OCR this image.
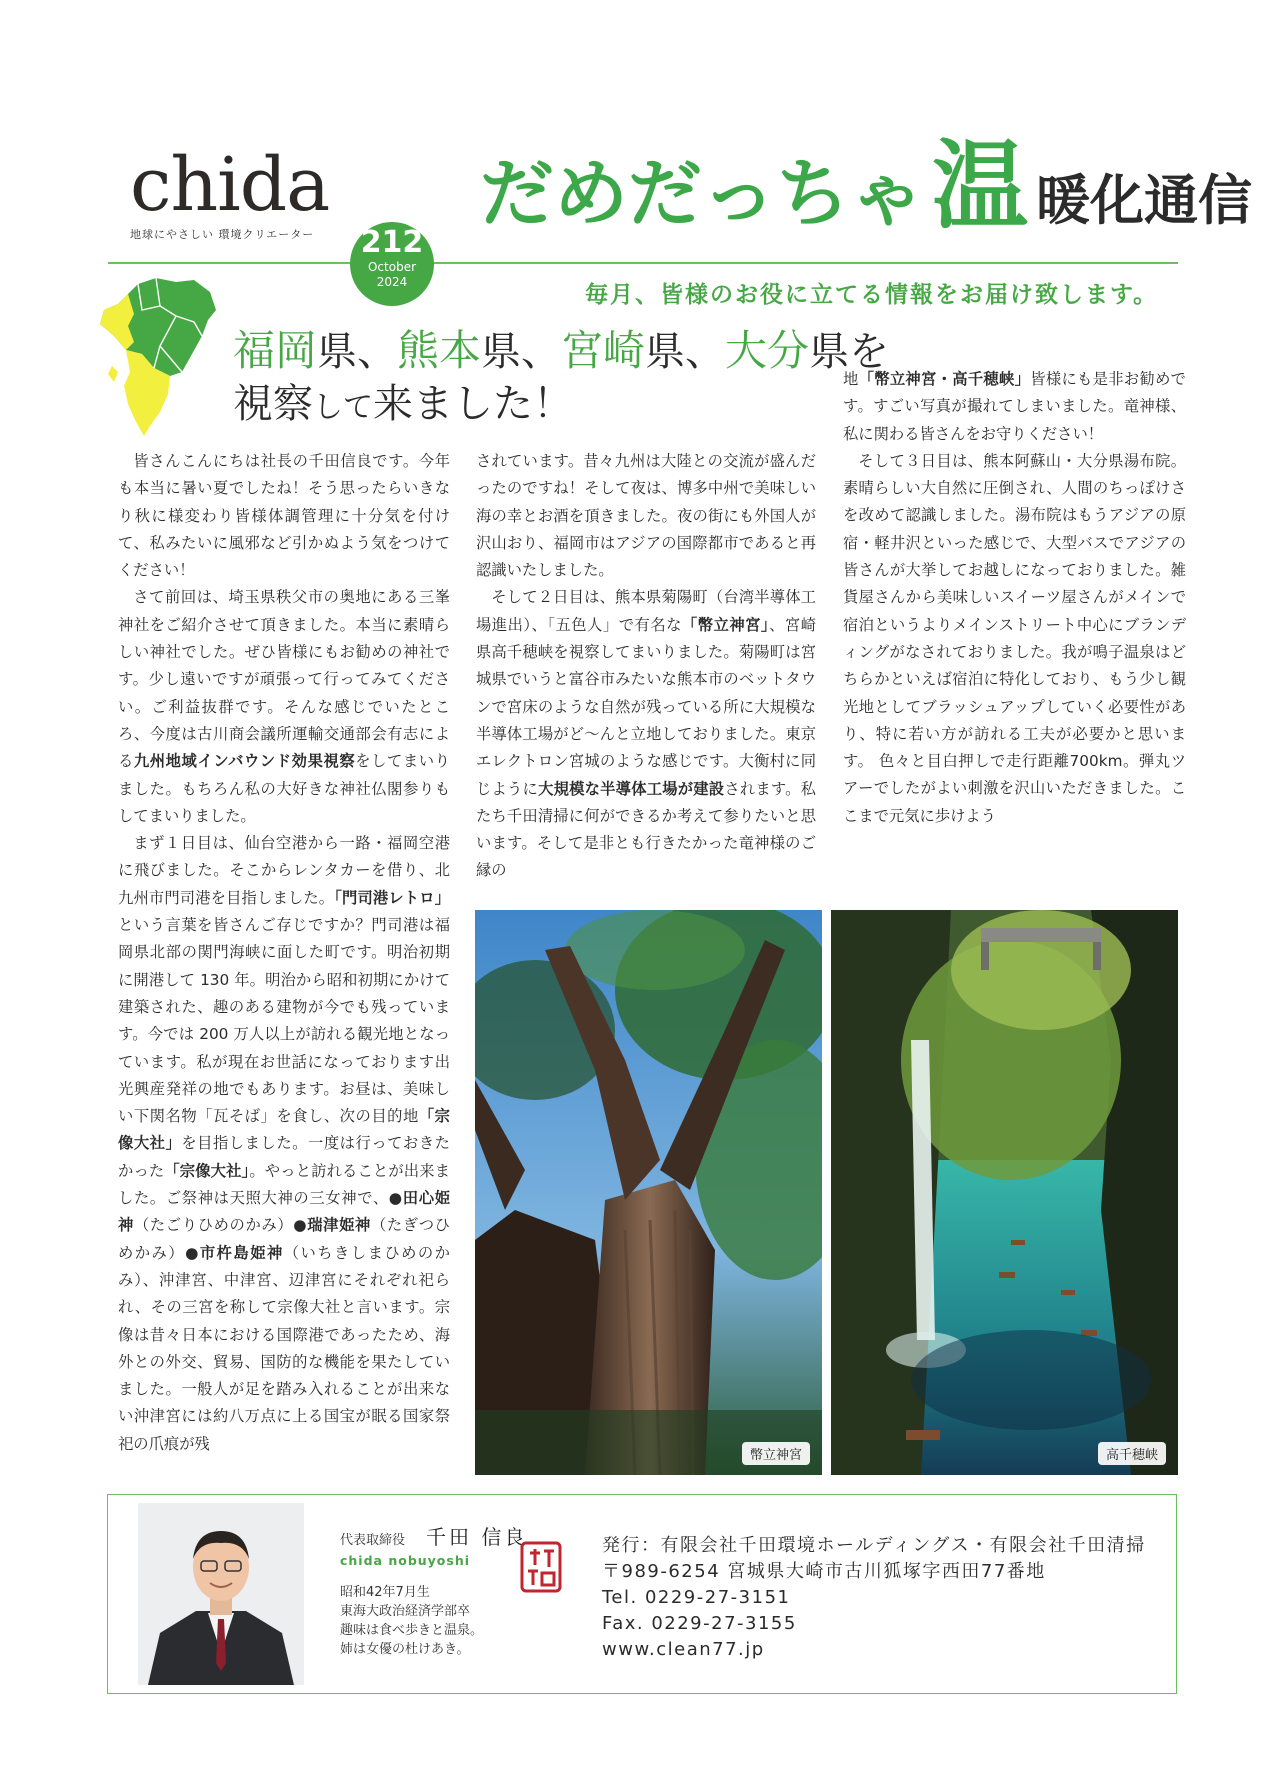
chida
地球にやさしい 環境クリエーター だめだっちゃ温 暖化通信
212
October
2024
毎月、皆様のお役に立てる情報をお届け致します。
福岡県、熊本県、宮崎県、大分県を
視察して来ました！

皆さんこんにちは社長の千田信良です。今年も本当に暑い夏でしたね！そう思ったらいきなり秋に様変わり皆様体調管理に十分気を付けて、私みたいに風邪など引かぬよう気をつけてください！

さて前回は、埼玉県秩父市の奥地にある三峯神社をご紹介させて頂きました。本当に素晴らしい神社でした。ぜひ皆様にもお勧めの神社です。少し遠いですが頑張って行ってみてください。ご利益抜群です。そんな感じでいたところ、今度は古川商会議所運輸交通部会有志による九州地域インバウンド効果視察をしてまいりました。もちろん私の大好きな神社仏閣参りもしてまいりました。

まず１日目は、仙台空港から一路・福岡空港に飛びました。そこからレンタカーを借り、北九州市門司港を目指しました。「門司港レトロ」という言葉を皆さんご存じですか？門司港は福岡県北部の関門海峡に面した町です。明治初期に開港して 130 年。明治から昭和初期にかけて建築された、趣のある建物が今でも残っています。今では 200 万人以上が訪れる観光地となっています。私が現在お世話になっております出光興産発祥の地でもあります。お昼は、美味しい下関名物「瓦そば」を食し、次の目的地「宗像大社」を目指しました。一度は行っておきたかった「宗像大社」。やっと訪れることが出来ました。ご祭神は天照大神の三女神で、●田心姫神（たごりひめのかみ）●瑞津姫神（たぎつひめかみ）●市杵島姫神（いちきしまひめのかみ）、沖津宮、中津宮、辺津宮にそれぞれ祀られ、その三宮を称して宗像大社と言います。宗像は昔々日本における国際港であったため、海外との外交、貿易、国防的な機能を果たしていました。一般人が足を踏み入れることが出来ない沖津宮には約八万点に上る国宝が眠る国家祭祀の爪痕が残

されています。昔々九州は大陸との交流が盛んだったのですね！そして夜は、博多中州で美味しい海の幸とお酒を頂きました。夜の街にも外国人が沢山おり、福岡市はアジアの国際都市であると再認識いたしました。

そして２日目は、熊本県菊陽町（台湾半導体工場進出）、「五色人」で有名な「幣立神宮」、宮崎県高千穂峡を視察してまいりました。菊陽町は宮城県でいうと富谷市みたいな熊本市のベットタウンで宮床のような自然が残っている所に大規模な半導体工場がど〜んと立地しておりました。東京エレクトロン宮城のような感じです。大衡村に同じように大規模な半導体工場が建設されます。私たち千田清掃に何ができるか考えて参りたいと思います。そして是非とも行きたかった竜神様のご縁の

地「幣立神宮・高千穂峡」皆様にも是非お勧めです。すごい写真が撮れてしまいました。竜神様、私に関わる皆さんをお守りください！

そして３日目は、熊本阿蘇山・大分県湯布院。素晴らしい大自然に圧倒され、人間のちっぽけさを改めて認識しました。湯布院はもうアジアの原宿・軽井沢といった感じで、大型バスでアジアの皆さんが大挙してお越しになっておりました。雑貨屋さんから美味しいスイーツ屋さんがメインで宿泊というよりメインストリート中心にブランディングがなされておりました。我が鳴子温泉はどちらかといえば宿泊に特化しており、もう少し観光地としてブラッシュアップしていく必要性があり、特に若い方が訪れる工夫が必要かと思います。 色々と目白押しで走行距離700km。弾丸ツアーでしたがよい刺激を沢山いただきました。ここまで元気に歩けよう

幣立神宮	高千穂峡
代表取締役 千田 信良
chida nobuyoshi
昭和42年7月生
東海大政治経済学部卒
趣味は食べ歩きと温泉。
姉は女優の杜けあき。
発行：有限会社千田環境ホールディングス・有限会社千田清掃
〒989-6254 宮城県大崎市古川狐塚字西田77番地
Tel. 0229-27-3151
Fax. 0229-27-3155
www.clean77.jp
